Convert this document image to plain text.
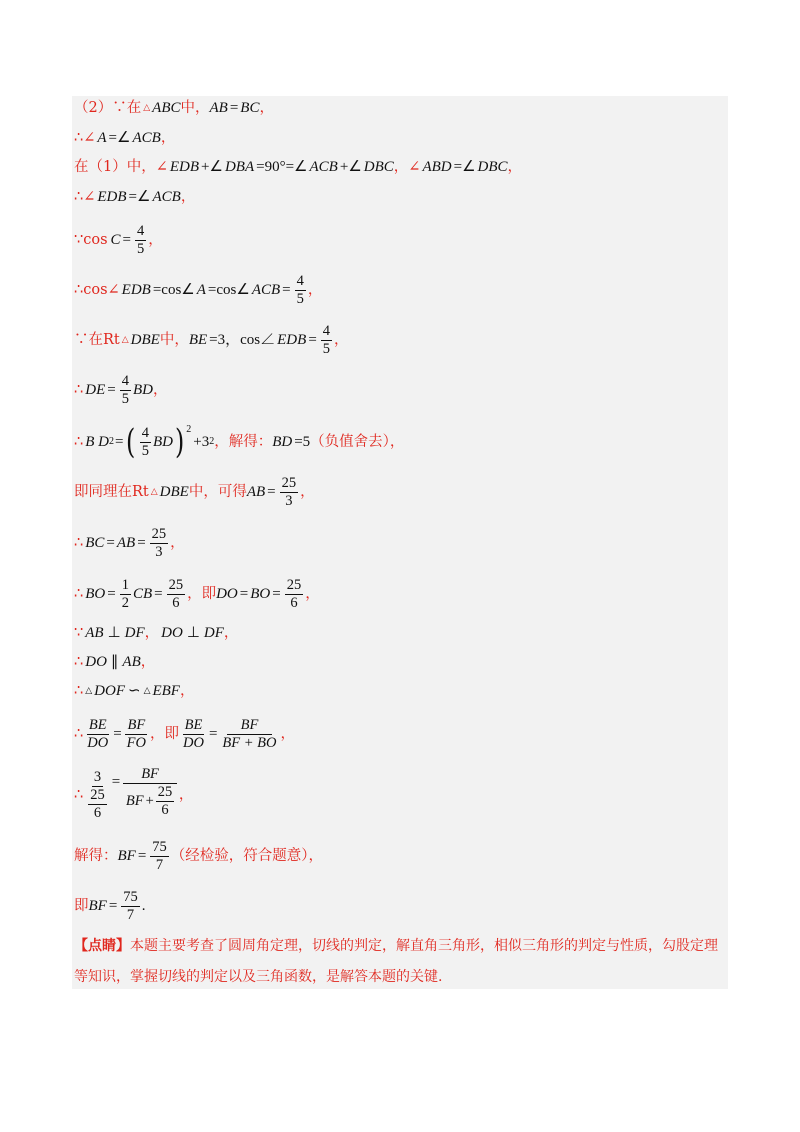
（2）∵在 △ ABC 中， AB = BC ，
∴∠ A =∠ ACB ，
在（1）中，∠ EDB +∠ DBA =90°=∠ ACB +∠ DBC ，∠ ABD =∠ DBC ，
∴∠ EDB =∠ ACB ，
∵cos $C = \frac{4}{5}$ ，
∴cos∠ EDB =cos∠ A =cos∠ ACB = $\frac{4}{5}$ ，
∵在Rt △ DBE 中， BE =3，cos∠ EDB = $\frac{4}{5}$ ，
∴ DE = $\frac{4}{5}$ BD ，
∴ B D 2 = ( $\frac{4}{5}$ BD ) 2
+3 2 ，解得： BD =5 （负值舍去），
即同理在Rt △ DBE 中，可得 AB = $\frac{25}{3}$ ，
∴ BC = AB = $\frac{25}{3}$ ，
∴ BO = $\frac{1}{2}$ CB = $\frac{25}{6}$ ，即 DO = BO = $\frac{25}{6}$ ，
∵ AB ⊥ DF ， DO ⊥ DF ，
∴ DO ∥ AB ，
∴ △ DOF ∽ △ EBF ，
∴ $\frac{BE}{DO} = \frac{BF}{FO}$ ，即 $\frac{BE}{DO} = \frac{BF}{BF + BO}$ ，
∴ 3
25
$6 = \frac{BF}{BF + \frac{25}{6}}$ ，
解得： BF = $\frac{75}{7}$ （经检验，符合题意），
即 BF = $\frac{75}{7}$ .
【点睛】本题主要考查了圆周角定理，切线的判定，解直角三角形，相似三角形的判定与性质，勾股定理
等知识，掌握切线的判定以及三角函数，是解答本题的关键.
